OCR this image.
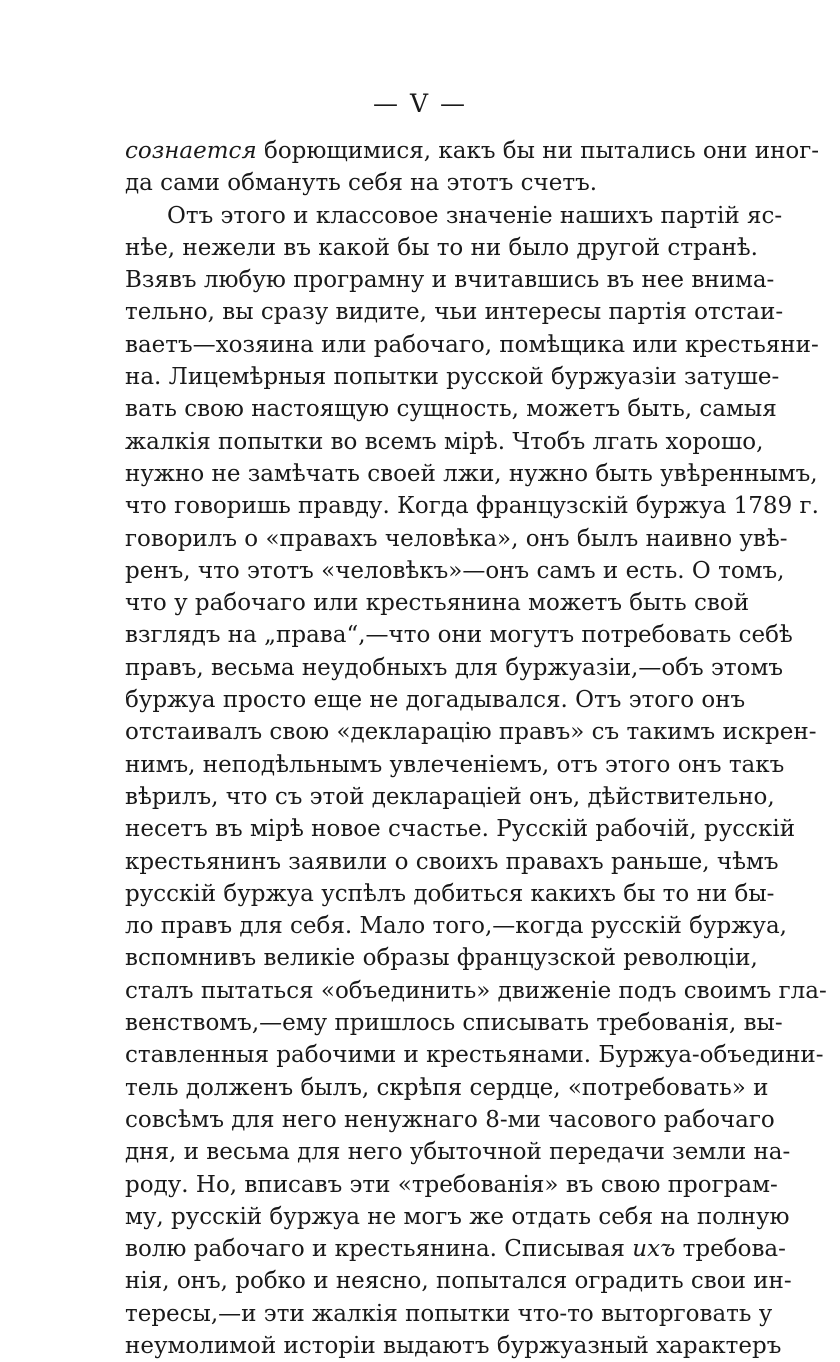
— V —
сознается борющимися, какъ бы ни пытались они иног-
да сами обмануть себя на этотъ счетъ.
Отъ этого и классовое значенiе нашихъ партiй яс-
нѣе, нежели въ какой бы то ни было другой странѣ.
Взявъ любую програмну и вчитавшись въ нее внима-
тельно, вы сразу видите, чьи интересы партiя отстаи-
ваетъ—хозяина или рабочаго, помѣщика или крестьяни-
на. Лицемѣрныя попытки русской буржуазiи затуше-
вать свою настоящую сущность, можетъ быть, самыя
жалкiя попытки во всемъ мiрѣ. Чтобъ лгать хорошо,
нужно не замѣчать своей лжи, нужно быть увѣреннымъ,
что говоришь правду. Когда французскiй буржуа 1789 г.
говорилъ о «правахъ человѣка», онъ былъ наивно увѣ-
ренъ, что этотъ «человѣкъ»—онъ самъ и есть. О томъ,
что у рабочаго или крестьянина можетъ быть свой
взглядъ на „права“,—что они могутъ потребовать себѣ
правъ, весьма неудобныхъ для буржуазiи,—объ этомъ
буржуа просто еще не догадывался. Отъ этого онъ
отстаивалъ свою «декларацiю правъ» съ такимъ искрен-
нимъ, неподѣльнымъ увлеченiемъ, отъ этого онъ такъ
вѣрилъ, что съ этой декларацiей онъ, дѣйствительно,
несетъ въ мiрѣ новое счастье. Русскiй рабочiй, русскiй
крестьянинъ заявили о своихъ правахъ раньше, чѣмъ
русскiй буржуа успѣлъ добиться какихъ бы то ни бы-
ло правъ для себя. Мало того,—когда русскiй буржуа,
вспомнивъ великiе образы французской революцiи,
сталъ пытаться «объединить» движенiе подъ своимъ гла-
венствомъ,—ему пришлось списывать требованiя, вы-
ставленныя рабочими и крестьянами. Буржуа-объедини-
тель долженъ былъ, скрѣпя сердце, «потребовать» и
совсѣмъ для него ненужнаго 8-ми часового рабочаго
дня, и весьма для него убыточной передачи земли на-
роду. Но, вписавъ эти «требованiя» въ свою програм-
му, русскiй буржуа не могъ же отдать себя на полную
волю рабочаго и крестьянина. Списывая ихъ требова-
нiя, онъ, робко и неясно, попытался оградить свои ин-
тересы,—и эти жалкiя попытки что-то выторговать у
неумолимой исторiи выдаютъ буржуазный характеръ
